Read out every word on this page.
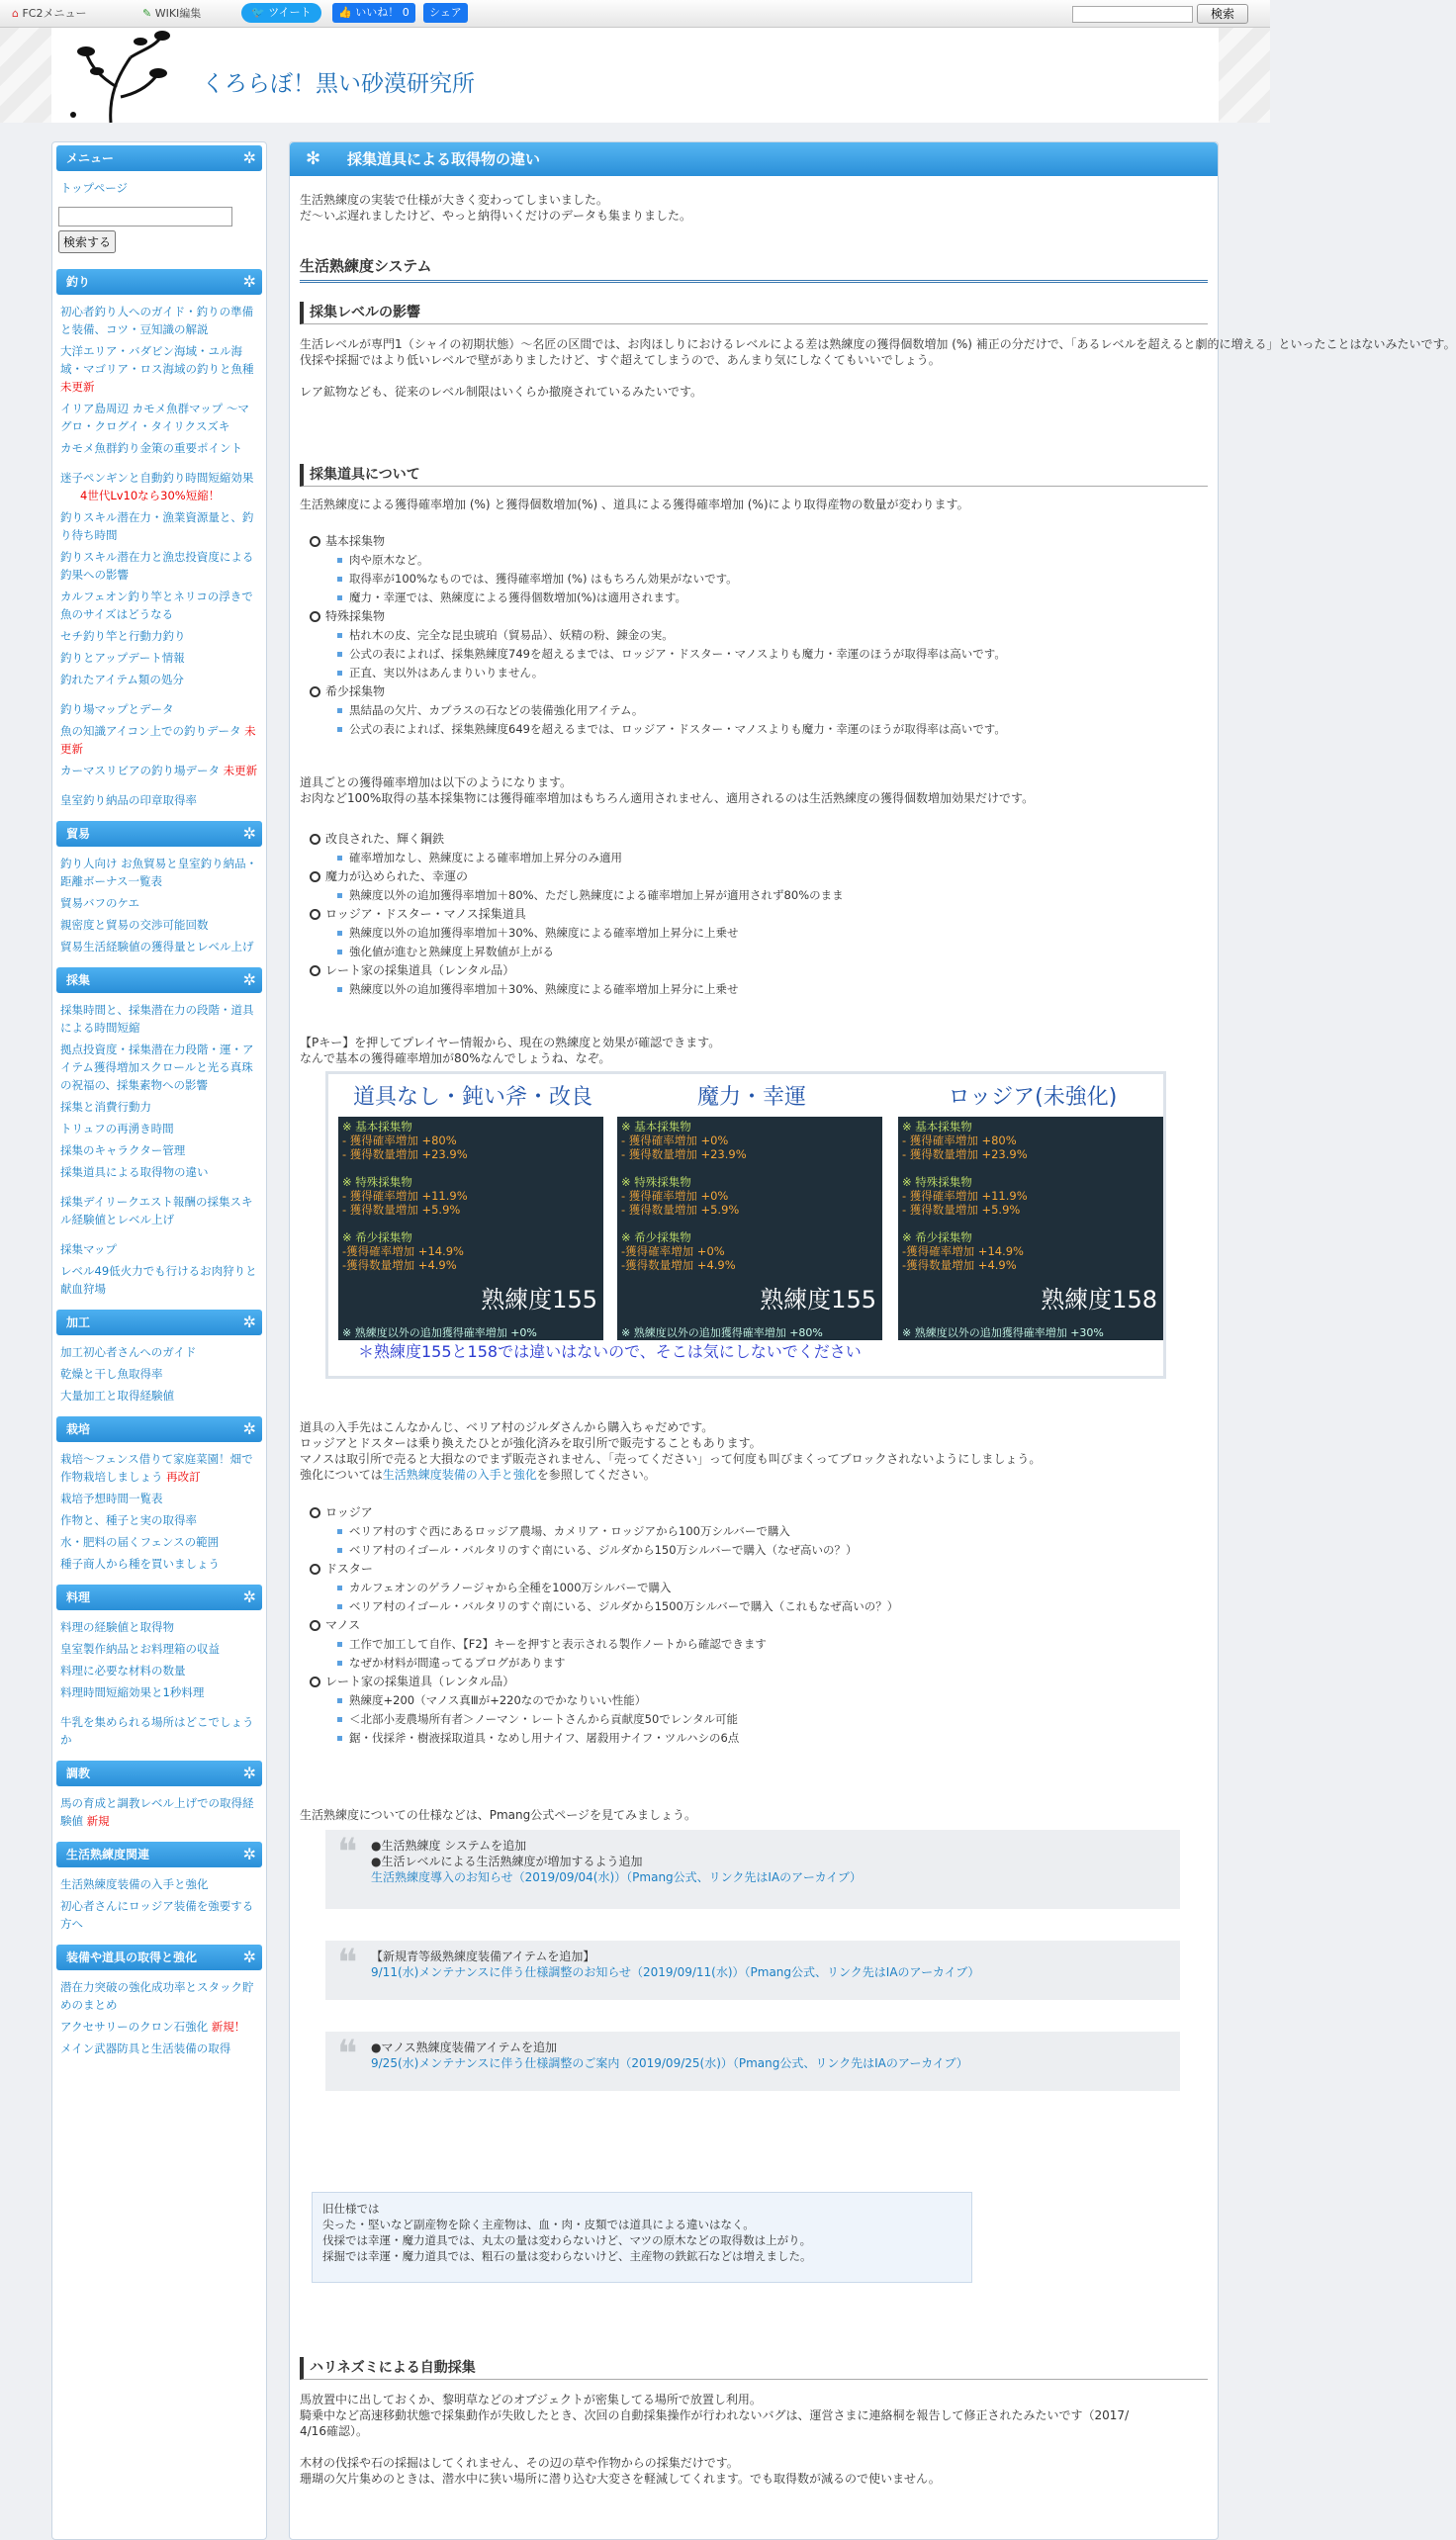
⌂ FC2メニュー	✎ WIKI編集	🐦 ツイート	👍 いいね！ 0	シェア	検索
くろらぼ！黒い砂漠研究所
メニュー	✲
トップページ
検索する
釣り	✲
初心者釣り人へのガイド・釣りの準備と装備、コツ・豆知識の解説
大洋エリア・バダビン海域・ユル海域・マゴリア・ロス海域の釣りと魚種 未更新
イリア島周辺 カモメ魚群マップ ～マグロ・クログイ・タイリクスズキ
カモメ魚群釣り金策の重要ポイント
迷子ペンギンと自動釣り時間短縮効果
4世代Lv10なら30%短縮！
釣りスキル潜在力・漁業資源量と、釣り待ち時間
釣りスキル潜在力と漁忠投資度による釣果への影響
カルフェオン釣り竿とネリコの浮きで魚のサイズはどうなる
セチ釣り竿と行動力釣り
釣りとアップデート情報
釣れたアイテム類の処分
釣り場マップとデータ
魚の知識アイコン上での釣りデータ 未更新
カーマスリビアの釣り場データ 未更新
皇室釣り納品の印章取得率
貿易	✲
釣り人向け お魚貿易と皇室釣り納品・距離ボーナス一覧表
貿易バフのケエ
親密度と貿易の交渉可能回数
貿易生活経験値の獲得量とレベル上げ
採集	✲
採集時間と、採集潜在力の段階・道具による時間短縮
拠点投資度・採集潜在力段階・運・アイテム獲得増加スクロールと光る真珠の祝福の、採集素物への影響
採集と消費行動力
トリュフの再湧き時間
採集のキャラクター管理
採集道具による取得物の違い
採集デイリークエスト報酬の採集スキル経験値とレベル上げ
採集マップ
レベル49低火力でも行けるお肉狩りと献血狩場
加工	✲
加工初心者さんへのガイド
乾燥と干し魚取得率
大量加工と取得経験値
栽培	✲
栽培～フェンス借りて家庭菜園！畑で作物栽培しましょう 再改訂
栽培予想時間一覧表
作物と、種子と実の取得率
水・肥料の届くフェンスの範囲
種子商人から種を買いましょう
料理	✲
料理の経験値と取得物
皇室製作納品とお料理箱の収益
料理に必要な材料の数量
料理時間短縮効果と1秒料理
牛乳を集められる場所はどこでしょうか
調教	✲
馬の育成と調教レベル上げでの取得経験値 新規
生活熟練度関連	✲
生活熟練度装備の入手と強化
初心者さんにロッジア装備を強要する方へ
装備や道具の取得と強化	✲
潜在力突破の強化成功率とスタック貯めのまとめ
アクセサリーのクロン石強化 新規！
メイン武器防具と生活装備の取得
✻ 採集道具による取得物の違い
生活熟練度の実装で仕様が大きく変わってしまいました。
だ～いぶ遅れましたけど、やっと納得いくだけのデータも集まりました。
生活熟練度システム
採集レベルの影響
生活レベルが専門1（シャイの初期状態）～名匠の区間では、お肉ほしりにおけるレベルによる差は熟練度の獲得個数増加 (%) 補正の分だけで、「あるレベルを超えると劇的に増える」といったことはないみたいです。
伐採や採掘ではより低いレベルで壁がありましたけど、すぐ超えてしまうので、あんまり気にしなくてもいいでしょう。
レア鉱物なども、従来のレベル制限はいくらか撤廃されているみたいです。
採集道具について
生活熟練度による獲得確率増加 (%) と獲得個数増加(%) 、道具による獲得確率増加 (%)により取得産物の数量が変わります。
基本採集物
肉や原木など。
取得率が100%なものでは、獲得確率増加 (%) はもちろん効果がないです。
魔力・幸運では、熟練度による獲得個数増加(%)は適用されます。
特殊採集物
枯れ木の皮、完全な昆虫琥珀（貿易品）、妖精の粉、錬金の実。
公式の表によれば、採集熟練度749を超えるまでは、ロッジア・ドスター・マノスよりも魔力・幸運のほうが取得率は高いです。
正直、実以外はあんまりいりません。
希少採集物
黒結晶の欠片、カプラスの石などの装備強化用アイテム。
公式の表によれば、採集熟練度649を超えるまでは、ロッジア・ドスター・マノスよりも魔力・幸運のほうが取得率は高いです。
道具ごとの獲得確率増加は以下のようになります。
お肉など100%取得の基本採集物には獲得確率増加はもちろん適用されません、適用されるのは生活熟練度の獲得個数増加効果だけです。
改良された、輝く鋼鉄
確率増加なし、熟練度による確率増加上昇分のみ適用
魔力が込められた、幸運の
熟練度以外の追加獲得率増加＋80%、ただし熟練度による確率増加上昇が適用されず80%のまま
ロッジア・ドスター・マノス採集道具
熟練度以外の追加獲得率増加＋30%、熟練度による確率増加上昇分に上乗せ
強化値が進むと熟練度上昇数値が上がる
レート家の採集道具（レンタル品）
熟練度以外の追加獲得率増加＋30%、熟練度による確率増加上昇分に上乗せ
【Pキー】を押してプレイヤー情報から、現在の熟練度と効果が確認できます。
なんで基本の獲得確率増加が80%なんでしょうね、なぞ。
道具なし・鈍い斧・改良
※ 基本採集物
- 獲得確率増加 +80%
- 獲得数量増加 +23.9%

※ 特殊採集物
- 獲得確率増加 +11.9%
- 獲得数量増加 +5.9%

※ 希少採集物
-獲得確率増加 +14.9%
-獲得数量増加 +4.9%
熟練度155
※ 熟練度以外の追加獲得確率増加 +0%
魔力・幸運
※ 基本採集物
- 獲得確率増加 +0%
- 獲得数量増加 +23.9%

※ 特殊採集物
- 獲得確率増加 +0%
- 獲得数量増加 +5.9%

※ 希少採集物
-獲得確率増加 +0%
-獲得数量増加 +4.9%
熟練度155
※ 熟練度以外の追加獲得確率増加 +80%
ロッジア(未強化)
※ 基本採集物
- 獲得確率増加 +80%
- 獲得数量増加 +23.9%

※ 特殊採集物
- 獲得確率増加 +11.9%
- 獲得数量増加 +5.9%

※ 希少採集物
-獲得確率増加 +14.9%
-獲得数量増加 +4.9%
熟練度158
※ 熟練度以外の追加獲得確率増加 +30%
＊熟練度155と158では違いはないので、そこは気にしないでください
道具の入手先はこんなかんじ、ベリア村のジルダさんから購入ちゃだめです。
ロッジアとドスターは乗り換えたひとが強化済みを取引所で販売することもあります。
マノスは取引所で売ると大損なのでまず販売されません、「売ってください」って何度も叫びまくってブロックされないようにしましょう。
強化については生活熟練度装備の入手と強化を参照してください。
ロッジア
ベリア村のすぐ西にあるロッジア農場、カメリア・ロッジアから100万シルバーで購入
ベリア村のイゴール・バルタリのすぐ南にいる、ジルダから150万シルバーで購入（なぜ高いの？）
ドスター
カルフェオンのゲラノージャから全種を1000万シルバーで購入
ベリア村のイゴール・バルタリのすぐ南にいる、ジルダから1500万シルバーで購入（これもなぜ高いの？）
マノス
工作で加工して自作、【F2】キーを押すと表示される製作ノートから確認できます
なぜか材料が間違ってるブログがあります
レート家の採集道具（レンタル品）
熟練度+200（マノス真Ⅲが+220なのでかなりいい性能）
＜北部小麦農場所有者＞ノーマン・レートさんから貢献度50でレンタル可能
鋸・伐採斧・樹液採取道具・なめし用ナイフ、屠殺用ナイフ・ツルハシの6点
生活熟練度についての仕様などは、Pmang公式ページを見てみましょう。
❝ ●生活熟練度 システムを追加
●生活レベルによる生活熟練度が増加するよう追加
生活熟練度導入のお知らせ（2019/09/04(水)）（Pmang公式、リンク先はIAのアーカイブ）
❝ 【新規青等級熟練度装備アイテムを追加】
9/11(水)メンテナンスに伴う仕様調整のお知らせ（2019/09/11(水)）（Pmang公式、リンク先はIAのアーカイブ）
❝ ●マノス熟練度装備アイテムを追加
9/25(水)メンテナンスに伴う仕様調整のご案内（2019/09/25(水)）（Pmang公式、リンク先はIAのアーカイブ）
旧仕様では
尖った・堅いなど副産物を除く主産物は、血・肉・皮類では道具による違いはなく。
伐採では幸運・魔力道具では、丸太の量は変わらないけど、マツの原木などの取得数は上がり。
採掘では幸運・魔力道具では、粗石の量は変わらないけど、主産物の鉄鉱石などは増えました。
ハリネズミによる自動採集
馬放置中に出しておくか、黎明草などのオブジェクトが密集してる場所で放置し利用。
騎乗中など高速移動状態で採集動作が失敗したとき、次回の自動採集操作が行われないバグは、運営さまに連絡桐を報告して修正されたみたいです（2017/
4/16確認）。
木材の伐採や石の採掘はしてくれません、その辺の草や作物からの採集だけです。
珊瑚の欠片集めのときは、潜水中に狭い場所に潜り込む大変さを軽減してくれます。でも取得数が減るので使いません。
